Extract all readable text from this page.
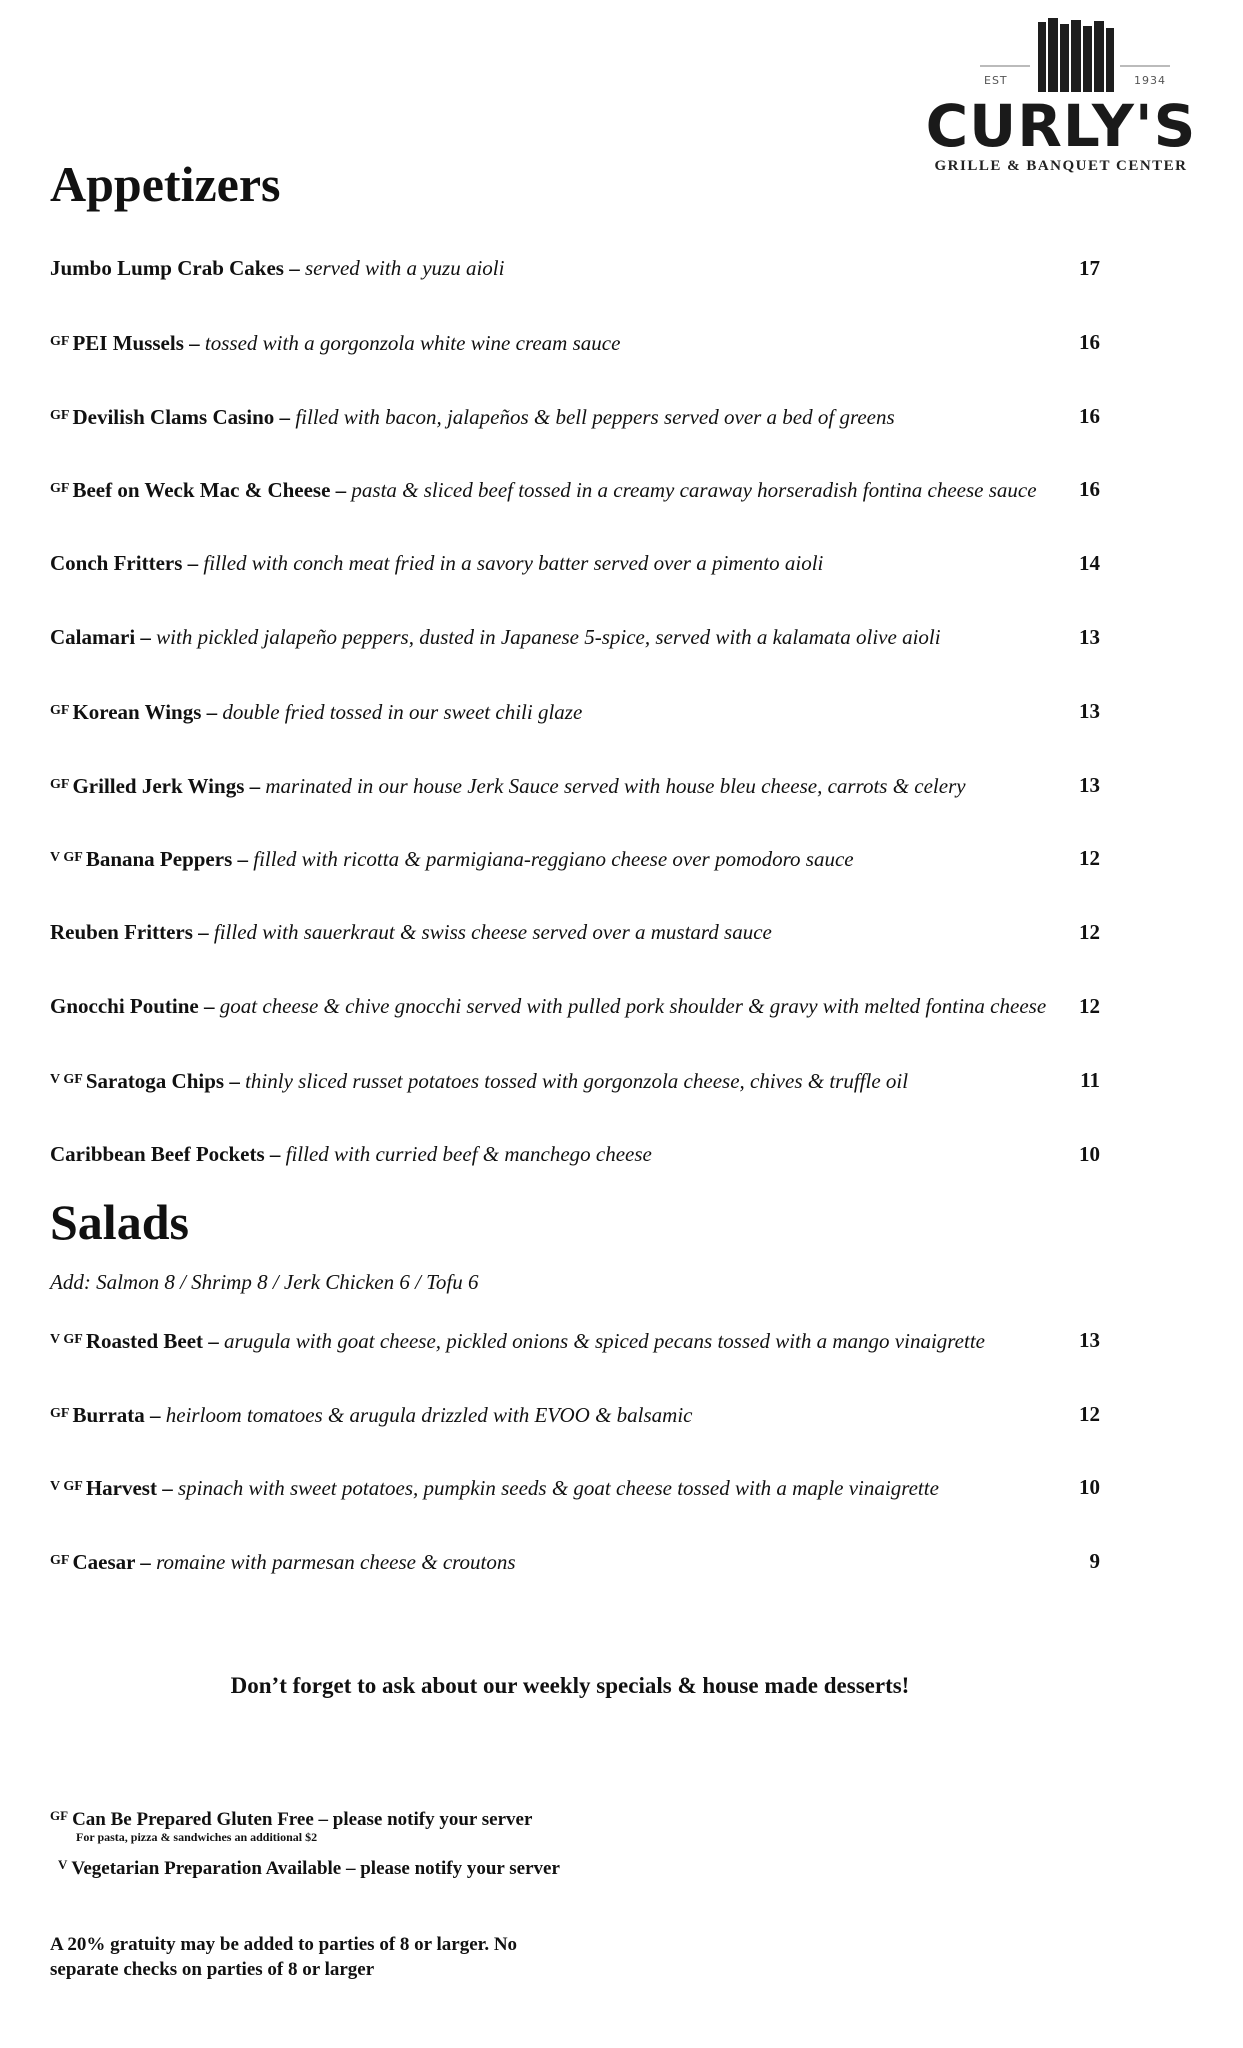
EST	1934
CURLY'S
GRILLE & BANQUET CENTER
Appetizers
Jumbo Lump Crab Cakes – served with a yuzu aioli	17
$^{GF}$ PEI Mussels – tossed with a gorgonzola white wine cream sauce	16
$^{GF}$ Devilish Clams Casino – filled with bacon, jalapeños & bell peppers served over a bed of greens	16
$^{GF}$ Beef on Weck Mac & Cheese – pasta & sliced beef tossed in a creamy caraway horseradish fontina cheese sauce 16
Conch Fritters – filled with conch meat fried in a savory batter served over a pimento aioli	14
Calamari – with pickled jalapeño peppers, dusted in Japanese 5-spice, served with a kalamata olive aioli	13
$^{GF}$ Korean Wings – double fried tossed in our sweet chili glaze	13
$^{GF}$ Grilled Jerk Wings – marinated in our house Jerk Sauce served with house bleu cheese, carrots & celery	13
$^{V GF}$ Banana Peppers – filled with ricotta & parmigiana-reggiano cheese over pomodoro sauce	12
Reuben Fritters – filled with sauerkraut & swiss cheese served over a mustard sauce	12
Gnocchi Poutine – goat cheese & chive gnocchi served with pulled pork shoulder & gravy with melted fontina cheese 12
$^{V GF}$ Saratoga Chips – thinly sliced russet potatoes tossed with gorgonzola cheese, chives & truffle oil	11
Caribbean Beef Pockets – filled with curried beef & manchego cheese	10
Salads
Add: Salmon 8 / Shrimp 8 / Jerk Chicken 6 / Tofu 6
$^{V GF}$ Roasted Beet – arugula with goat cheese, pickled onions & spiced pecans tossed with a mango vinaigrette	13
$^{GF}$ Burrata – heirloom tomatoes & arugula drizzled with EVOO & balsamic	12
$^{V GF}$ Harvest – spinach with sweet potatoes, pumpkin seeds & goat cheese tossed with a maple vinaigrette	10
$^{GF}$ Caesar – romaine with parmesan cheese & croutons	9
Don’t forget to ask about our weekly specials & house made desserts!
$^{GF}$ Can Be Prepared Gluten Free – please notify your server
For pasta, pizza & sandwiches an additional $2
$^V$ Vegetarian Preparation Available – please notify your server
A 20% gratuity may be added to parties of 8 or larger. No separate checks on parties of 8 or larger
